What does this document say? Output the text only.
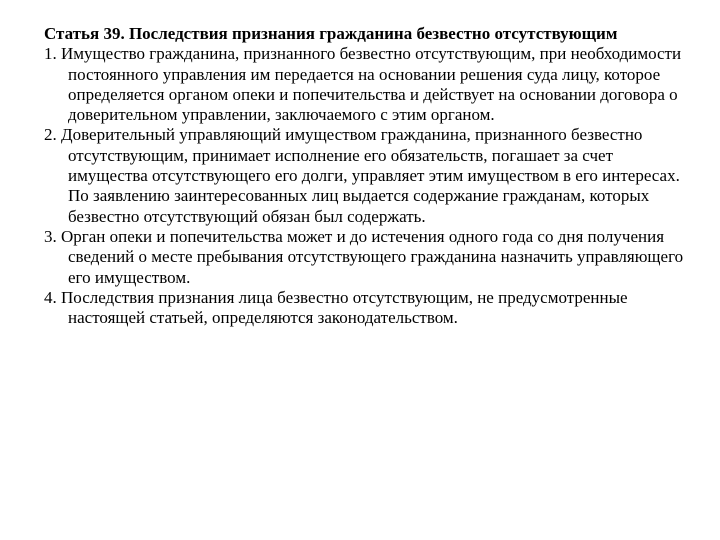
Статья 39. Последствия признания гражданина безвестно отсутствующим

1. Имущество гражданина, признанного безвестно отсутствующим, при необходимости постоянного управления им передается на основании решения суда лицу, которое определяется органом опеки и попечительства и действует на основании договора о доверительном управлении, заключаемого с этим органом.

2. Доверительный управляющий имуществом гражданина, признанного безвестно отсутствующим, принимает исполнение его обязательств, погашает за счет имущества отсутствующего его долги, управляет этим имуществом в его интересах. По заявлению заинтересованных лиц выдается содержание гражданам, которых безвестно отсутствующий обязан был содержать.

3. Орган опеки и попечительства может и до истечения одного года со дня получения сведений о месте пребывания отсутствующего гражданина назначить управляющего его имуществом.

4. Последствия признания лица безвестно отсутствующим, не предусмотренные настоящей статьей, определяются законодательством.
